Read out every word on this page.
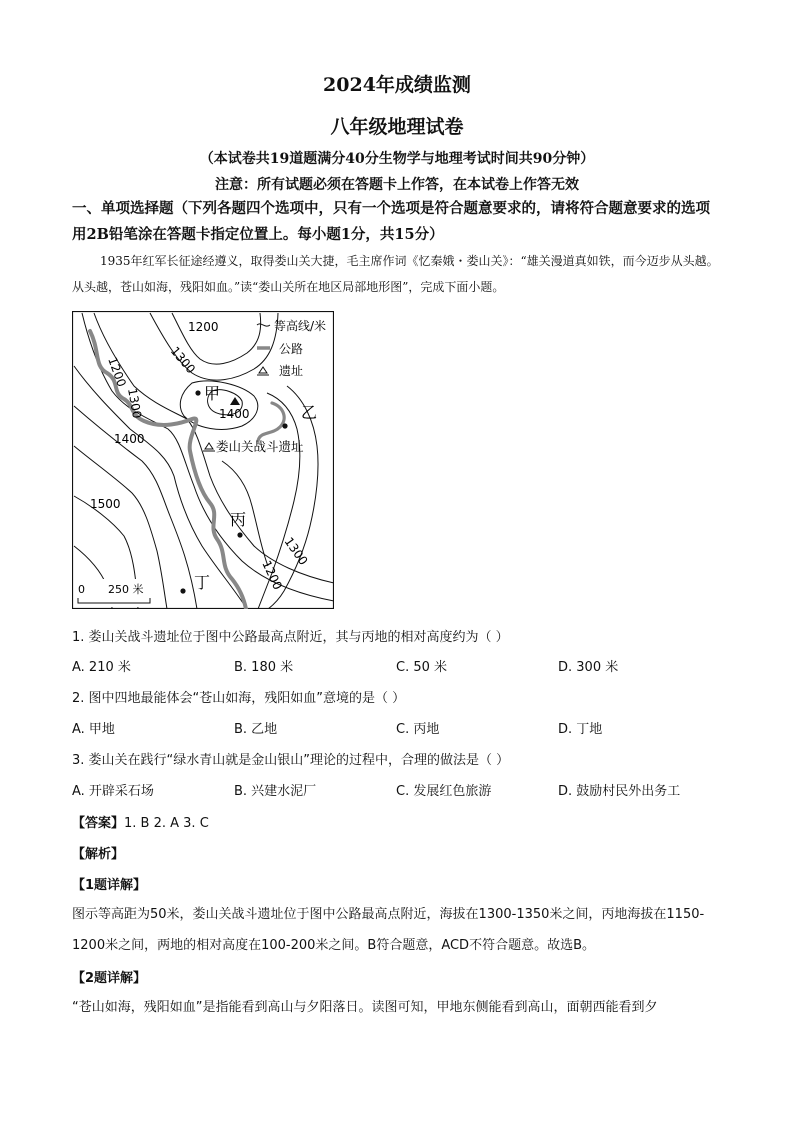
2024年成绩监测
八年级地理试卷
（本试卷共19道题满分40分生物学与地理考试时间共90分钟）
注意：所有试题必须在答题卡上作答，在本试卷上作答无效
一、单项选择题（下列各题四个选项中，只有一个选项是符合题意要求的，请将符合题意要求的选项用2B铅笔涂在答题卡指定位置上。每小题1分，共15分）
1935年红军长征途经遵义，取得娄山关大捷，毛主席作词《忆秦娥・娄山关》：“雄关漫道真如铁，而今迈步从头越。从头越，苍山如海，残阳如血。”读“娄山关所在地区局部地形图”，完成下面小题。
1200
1200	1300
1300
1400
1400
1500
1300
1200
甲
乙
丙
丁
娄山关战斗遗址
等高线/米
公路
遗址
0 250 米
1. 娄山关战斗遗址位于图中公路最高点附近，其与丙地的相对高度约为（ ）
A. 210 米	B. 180 米	C. 50 米	D. 300 米
2. 图中四地最能体会“苍山如海，残阳如血”意境的是（ ）
A. 甲地	B. 乙地	C. 丙地	D. 丁地
3. 娄山关在践行“绿水青山就是金山银山”理论的过程中，合理的做法是（ ）
A. 开辟采石场	B. 兴建水泥厂	C. 发展红色旅游	D. 鼓励村民外出务工
【答案】1. B 2. A 3. C
【解析】
【1题详解】
图示等高距为50米，娄山关战斗遗址位于图中公路最高点附近，海拔在1300-1350米之间，丙地海拔在1150-1200米之间，两地的相对高度在100-200米之间。B符合题意，ACD不符合题意。故选B。
【2题详解】
“苍山如海，残阳如血”是指能看到高山与夕阳落日。读图可知，甲地东侧能看到高山，面朝西能看到夕
